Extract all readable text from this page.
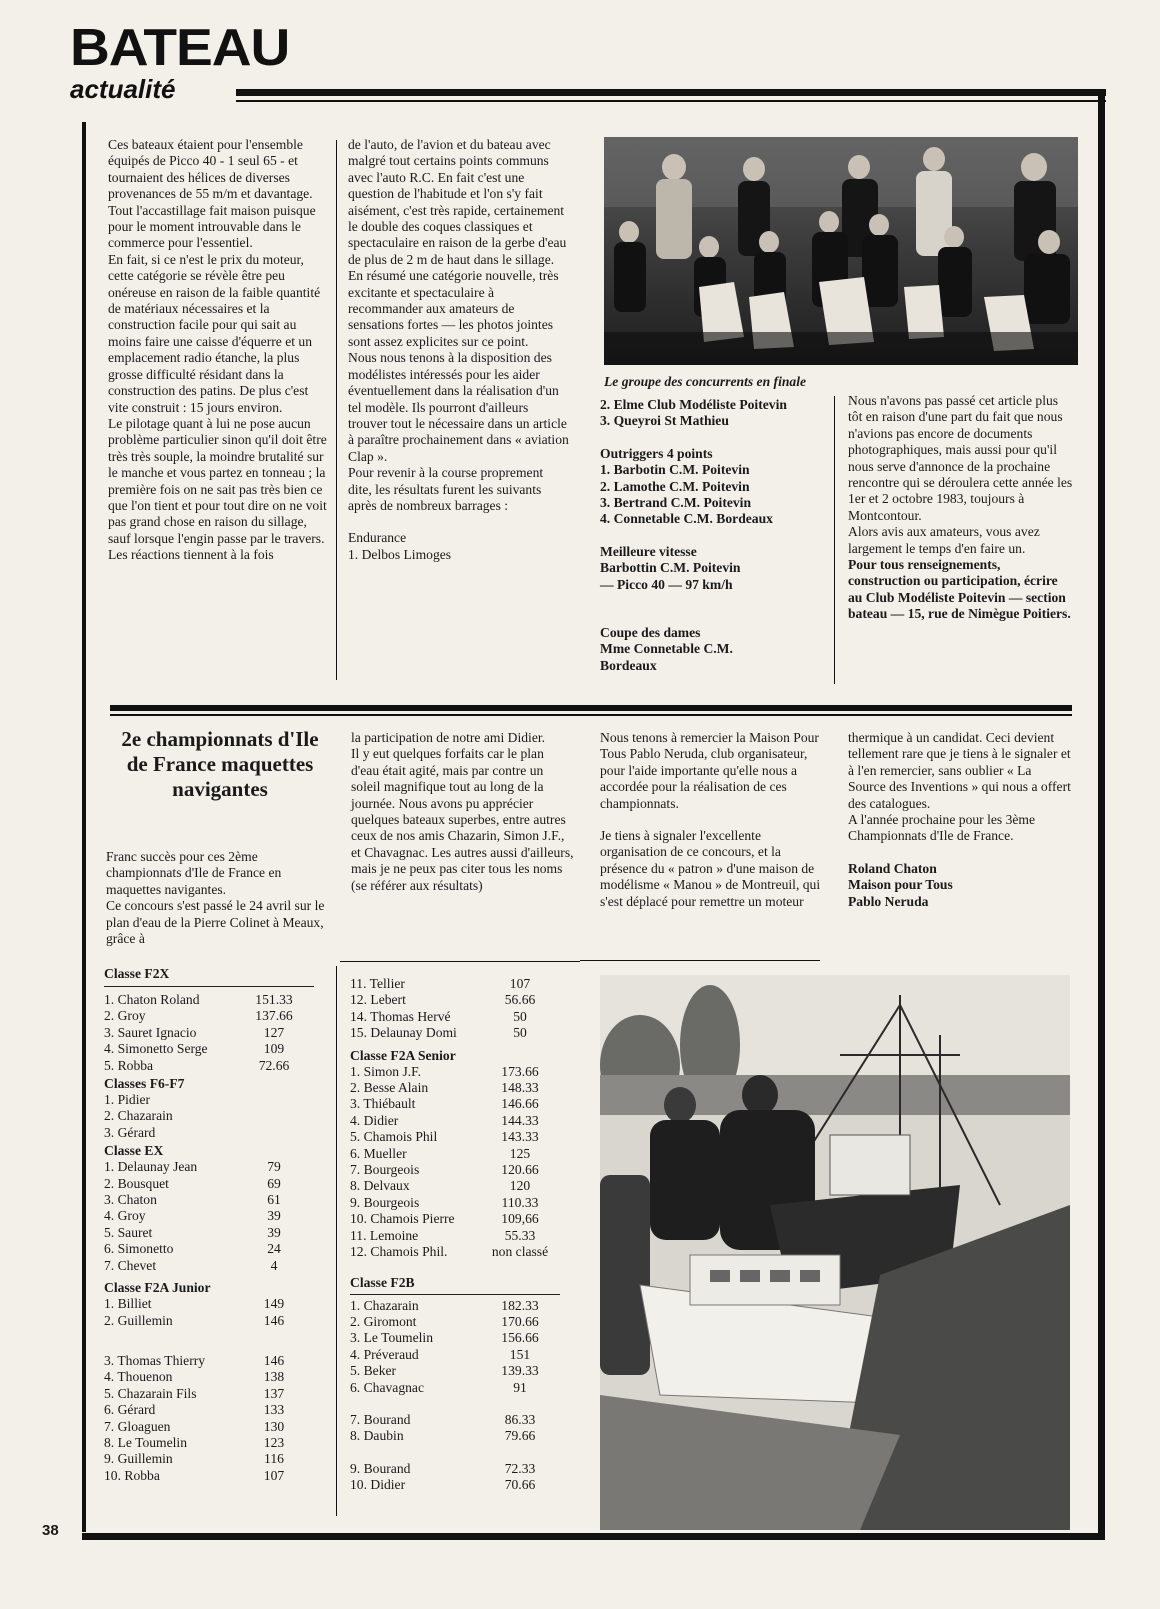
BATEAU
actualité

Ces bateaux étaient pour l'ensemble équipés de Picco 40 - 1 seul 65 - et tournaient des hélices de diverses provenances de 55 m/m et davantage. Tout l'accastillage fait maison puisque pour le moment introuvable dans le commerce pour l'essentiel.

En fait, si ce n'est le prix du moteur, cette catégorie se révèle être peu onéreuse en raison de la faible quantité de matériaux nécessaires et la construction facile pour qui sait au moins faire une caisse d'équerre et un emplacement radio étanche, la plus grosse difficulté résidant dans la construction des patins. De plus c'est vite construit : 15 jours environ.

Le pilotage quant à lui ne pose aucun problème particulier sinon qu'il doit être très très souple, la moindre brutalité sur le manche et vous partez en tonneau ; la première fois on ne sait pas très bien ce que l'on tient et pour tout dire on ne voit pas grand chose en raison du sillage, sauf lorsque l'engin passe par le travers.

Les réactions tiennent à la fois

de l'auto, de l'avion et du bateau avec malgré tout certains points communs avec l'auto R.C. En fait c'est une question de l'habitude et l'on s'y fait aisément, c'est très rapide, certainement le double des coques classiques et spectaculaire en raison de la gerbe d'eau de plus de 2 m de haut dans le sillage. En résumé une catégorie nouvelle, très excitante et spectaculaire à recommander aux amateurs de sensations fortes — les photos jointes sont assez explicites sur ce point.

Nous nous tenons à la disposition des modélistes intéressés pour les aider éventuellement dans la réalisation d'un tel modèle. Ils pourront d'ailleurs trouver tout le nécessaire dans un article à paraître prochainement dans « aviation Clap ».

Pour revenir à la course proprement dite, les résultats furent les suivants après de nombreux barrages :

Endurance

1. Delbos Limoges

Le groupe des concurrents en finale

2. Elme Club Modéliste Poitevin

3. Queyroi St Mathieu

Outriggers 4 points

1. Barbotin C.M. Poitevin

2. Lamothe C.M. Poitevin

3. Bertrand C.M. Poitevin

4. Connetable C.M. Bordeaux

Meilleure vitesse

Barbottin C.M. Poitevin

— Picco 40 — 97 km/h

Coupe des dames

Mme Connetable C.M.

Bordeaux

Nous n'avons pas passé cet article plus tôt en raison d'une part du fait que nous n'avions pas encore de documents photographiques, mais aussi pour qu'il nous serve d'annonce de la prochaine rencontre qui se déroulera cette année les 1er et 2 octobre 1983, toujours à Montcontour.

Alors avis aux amateurs, vous avez largement le temps d'en faire un.

Pour tous renseignements, construction ou participation, écrire au Club Modéliste Poitevin — section bateau — 15, rue de Nimègue Poitiers.

2e championnats d'Ile de France maquettes navigantes

Franc succès pour ces 2ème championnats d'Ile de France en maquettes navigantes.

Ce concours s'est passé le 24 avril sur le plan d'eau de la Pierre Colinet à Meaux, grâce à

la participation de notre ami Didier.

Il y eut quelques forfaits car le plan d'eau était agité, mais par contre un soleil magnifique tout au long de la journée. Nous avons pu apprécier quelques bateaux superbes, entre autres ceux de nos amis Chazarin, Simon J.F., et Chavagnac. Les autres aussi d'ailleurs, mais je ne peux pas citer tous les noms (se référer aux résultats)

Nous tenons à remercier la Maison Pour Tous Pablo Neruda, club organisateur, pour l'aide importante qu'elle nous a accordée pour la réalisation de ces championnats.

Je tiens à signaler l'excellente organisation de ce concours, et la présence du « patron » d'une maison de modélisme « Manou » de Montreuil, qui s'est déplacé pour remettre un moteur

thermique à un candidat. Ceci devient tellement rare que je tiens à le signaler et à l'en remercier, sans oublier « La Source des Inventions » qui nous a offert des catalogues.

A l'année prochaine pour les 3ème Championnats d'Ile de France.

Roland Chaton

Maison pour Tous

Pablo Neruda

Classe F2X
1. Chaton Roland	151.33
2. Groy	137.66
3. Sauret Ignacio	127
4. Simonetto Serge	109
5. Robba	72.66
Classes F6-F7
1. Pidier
2. Chazarain
3. Gérard
Classe EX
1. Delaunay Jean	79
2. Bousquet	69
3. Chaton	61
4. Groy	39
5. Sauret	39
6. Simonetto	24
7. Chevet	4
Classe F2A Junior
1. Billiet	149
2. Guillemin	146
3. Thomas Thierry	146
4. Thouenon	138
5. Chazarain Fils	137
6. Gérard	133
7. Gloaguen	130
8. Le Toumelin	123
9. Guillemin	116
10. Robba	107
11. Tellier	107
12. Lebert	56.66
14. Thomas Hervé	50
15. Delaunay Domi	50
Classe F2A Senior
1. Simon J.F.	173.66
2. Besse Alain	148.33
3. Thiébault	146.66
4. Didier	144.33
5. Chamois Phil	143.33
6. Mueller	125
7. Bourgeois	120.66
8. Delvaux	120
9. Bourgeois	110.33
10. Chamois Pierre	109,66
11. Lemoine	55.33
12. Chamois Phil.	non classé
Classe F2B
1. Chazarain	182.33
2. Giromont	170.66
3. Le Toumelin	156.66
4. Préveraud	151
5. Beker	139.33
6. Chavagnac	91
7. Bourand	86.33
8. Daubin	79.66
9. Bourand	72.33
10. Didier	70.66
38
